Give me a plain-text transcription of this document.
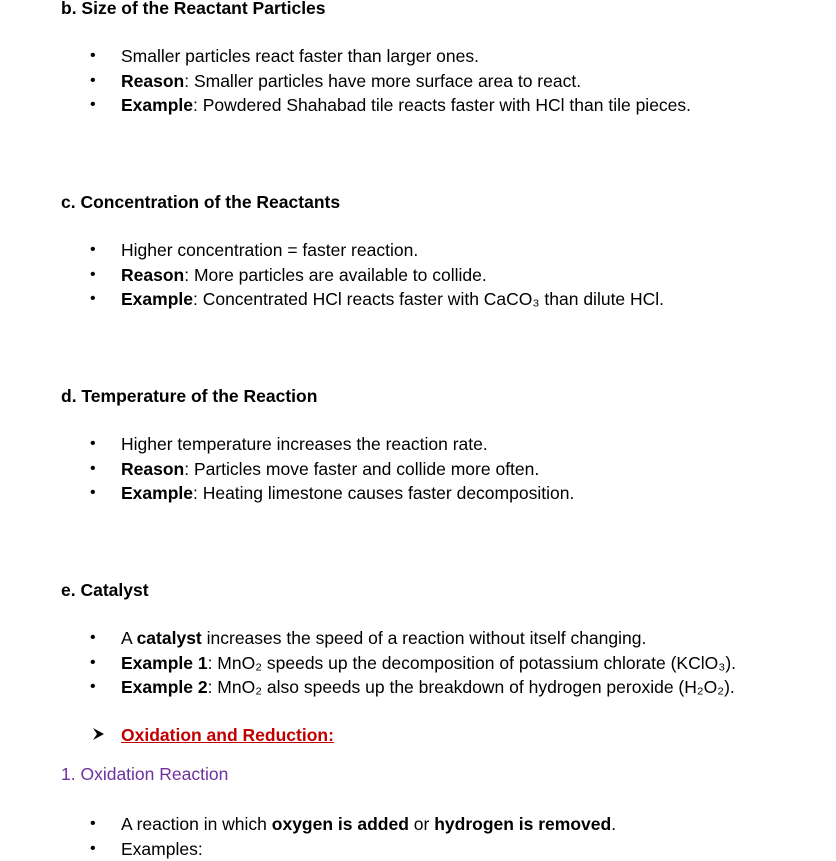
b. Size of the Reactant Particles
• Smaller particles react faster than larger ones.
• Reason: Smaller particles have more surface area to react.
• Example: Powdered Shahabad tile reacts faster with HCl than tile pieces.
c. Concentration of the Reactants
• Higher concentration = faster reaction.
• Reason: More particles are available to collide.
• Example: Concentrated HCl reacts faster with CaCO₃ than dilute HCl.
d. Temperature of the Reaction
• Higher temperature increases the reaction rate.
• Reason: Particles move faster and collide more often.
• Example: Heating limestone causes faster decomposition.
e. Catalyst
• A catalyst increases the speed of a reaction without itself changing.
• Example 1: MnO₂ speeds up the decomposition of potassium chlorate (KClO₃).
• Example 2: MnO₂ also speeds up the breakdown of hydrogen peroxide (H₂O₂).
Oxidation and Reduction:
1. Oxidation Reaction
• A reaction in which oxygen is added or hydrogen is removed.
• Examples:
